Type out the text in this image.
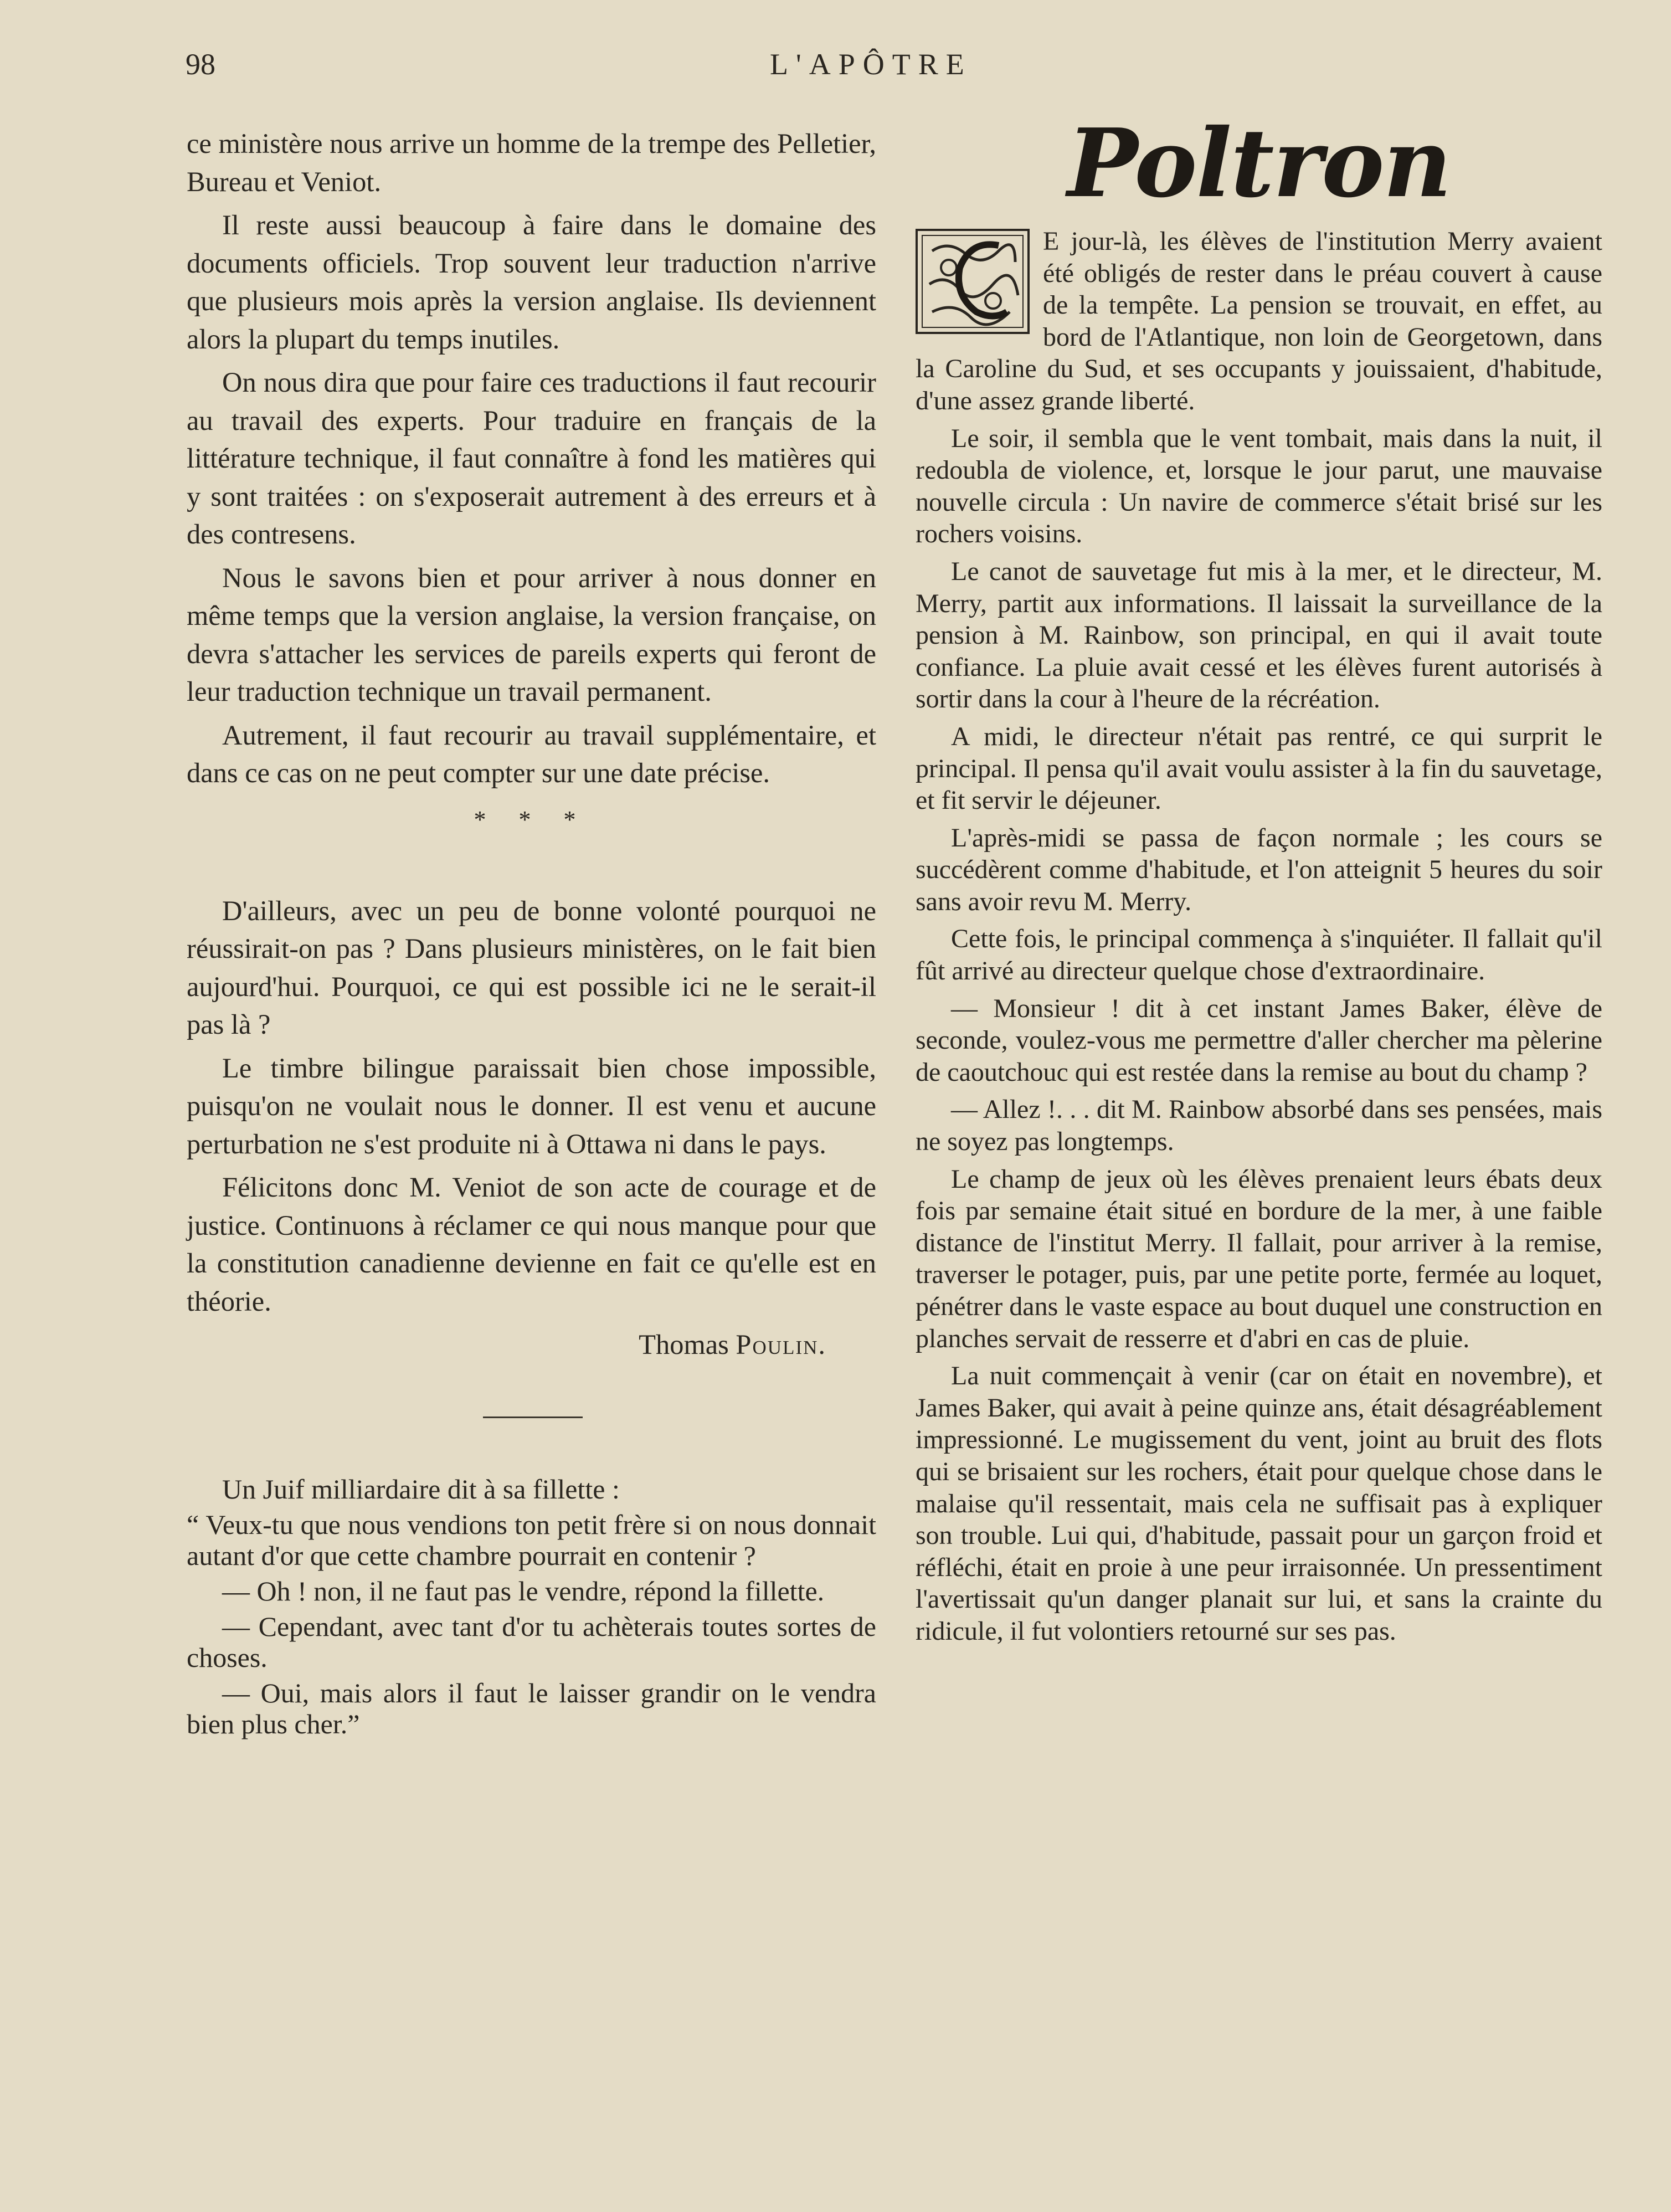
98	L'APÔTRE

ce ministère nous arrive un homme de la trempe des Pelletier, Bureau et Veniot.

Il reste aussi beaucoup à faire dans le domaine des documents officiels. Trop souvent leur traduction n'arrive que plusieurs mois après la version anglaise. Ils deviennent alors la plupart du temps inutiles.

On nous dira que pour faire ces traductions il faut recourir au travail des experts. Pour traduire en français de la littérature technique, il faut connaître à fond les matières qui y sont traitées : on s'exposerait autrement à des erreurs et à des contresens.

Nous le savons bien et pour arriver à nous donner en même temps que la version anglaise, la version française, on devra s'attacher les services de pareils experts qui feront de leur traduction technique un travail permanent.

Autrement, il faut recourir au travail supplémentaire, et dans ce cas on ne peut compter sur une date précise.

* * *

D'ailleurs, avec un peu de bonne volonté pourquoi ne réussirait-on pas ? Dans plusieurs ministères, on le fait bien aujourd'hui. Pourquoi, ce qui est possible ici ne le serait-il pas là ?

Le timbre bilingue paraissait bien chose impossible, puisqu'on ne voulait nous le donner. Il est venu et aucune perturbation ne s'est produite ni à Ottawa ni dans le pays.

Félicitons donc M. Veniot de son acte de courage et de justice. Continuons à réclamer ce qui nous manque pour que la constitution canadienne devienne en fait ce qu'elle est en théorie.

Thomas Poulin.

Un Juif milliardaire dit à sa fillette :

“ Veux-tu que nous vendions ton petit frère si on nous donnait autant d'or que cette chambre pourrait en contenir ?

— Oh ! non, il ne faut pas le vendre, répond la fillette.

— Cependant, avec tant d'or tu achèterais toutes sortes de choses.

— Oui, mais alors il faut le laisser grandir on le vendra bien plus cher.”

Poltron

E jour-là, les élèves de l'institution Merry avaient été obligés de rester dans le préau couvert à cause de la tempête. La pension se trouvait, en effet, au bord de l'Atlantique, non loin de Georgetown, dans la Caroline du Sud, et ses occupants y jouissaient, d'habitude, d'une assez grande liberté.

Le soir, il sembla que le vent tombait, mais dans la nuit, il redoubla de violence, et, lorsque le jour parut, une mauvaise nouvelle circula : Un navire de commerce s'était brisé sur les rochers voisins.

Le canot de sauvetage fut mis à la mer, et le directeur, M. Merry, partit aux informations. Il laissait la surveillance de la pension à M. Rainbow, son principal, en qui il avait toute confiance. La pluie avait cessé et les élèves furent autorisés à sortir dans la cour à l'heure de la récréation.

A midi, le directeur n'était pas rentré, ce qui surprit le principal. Il pensa qu'il avait voulu assister à la fin du sauvetage, et fit servir le déjeuner.

L'après-midi se passa de façon normale ; les cours se succédèrent comme d'habitude, et l'on atteignit 5 heures du soir sans avoir revu M. Merry.

Cette fois, le principal commença à s'inquiéter. Il fallait qu'il fût arrivé au directeur quelque chose d'extraordinaire.

— Monsieur ! dit à cet instant James Baker, élève de seconde, voulez-vous me permettre d'aller chercher ma pèlerine de caoutchouc qui est restée dans la remise au bout du champ ?

— Allez !. . . dit M. Rainbow absorbé dans ses pensées, mais ne soyez pas longtemps.

Le champ de jeux où les élèves prenaient leurs ébats deux fois par semaine était situé en bordure de la mer, à une faible distance de l'institut Merry. Il fallait, pour arriver à la remise, traverser le potager, puis, par une petite porte, fermée au loquet, pénétrer dans le vaste espace au bout duquel une construction en planches servait de resserre et d'abri en cas de pluie.

La nuit commençait à venir (car on était en novembre), et James Baker, qui avait à peine quinze ans, était désagréablement impressionné. Le mugissement du vent, joint au bruit des flots qui se brisaient sur les rochers, était pour quelque chose dans le malaise qu'il ressentait, mais cela ne suffisait pas à expliquer son trouble. Lui qui, d'habitude, passait pour un garçon froid et réfléchi, était en proie à une peur irraisonnée. Un pressentiment l'avertissait qu'un danger planait sur lui, et sans la crainte du ridicule, il fut volontiers retourné sur ses pas.
